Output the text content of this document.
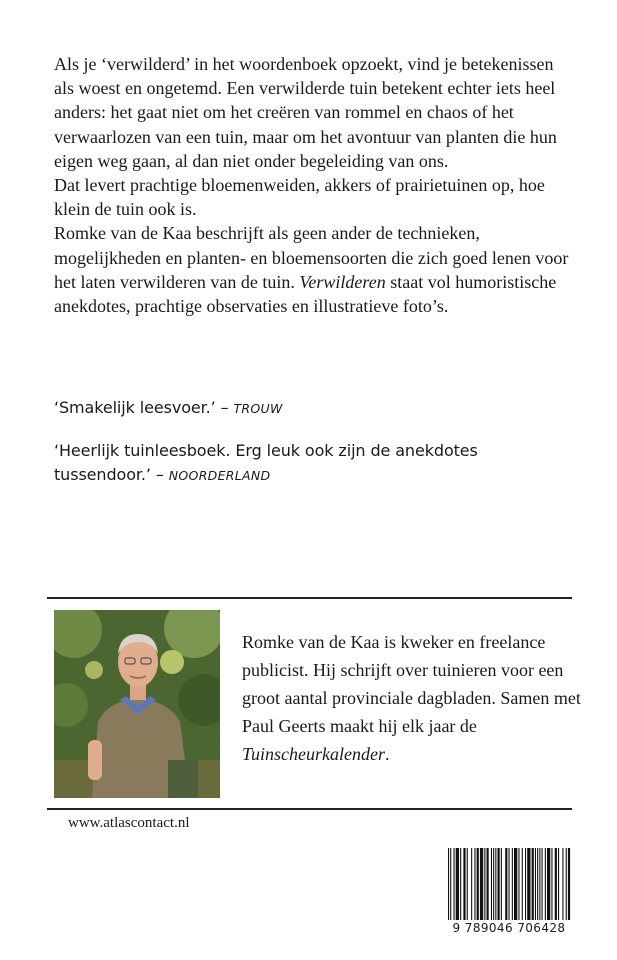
Als je ‘verwilderd’ in het woordenboek opzoekt, vind je betekenissen als woest en ongetemd. Een verwilderde tuin betekent echter iets heel anders: het gaat niet om het creëren van rommel en chaos of het verwaarlozen van een tuin, maar om het avontuur van planten die hun eigen weg gaan, al dan niet onder begeleiding van ons.

Dat levert prachtige bloemenweiden, akkers of prairietuinen op, hoe klein de tuin ook is.

Romke van de Kaa beschrijft als geen ander de technieken, mogelijkheden en planten- en bloemensoorten die zich goed lenen voor het laten verwilderen van de tuin. Verwilderen staat vol humoristische anekdotes, prachtige observaties en illustratieve foto’s.

‘Smakelijk leesvoer.’ – TROUW

‘Heerlijk tuinleesboek. Erg leuk ook zijn de anekdotes tussendoor.’ – NOORDERLAND

Romke van de Kaa is kweker en freelance publicist. Hij schrijft over tuinieren voor een groot aantal provinciale dagbladen. Samen met Paul Geerts maakt hij elk jaar de Tuinscheurkalender.

www.atlascontact.nl
9 789046 706428
